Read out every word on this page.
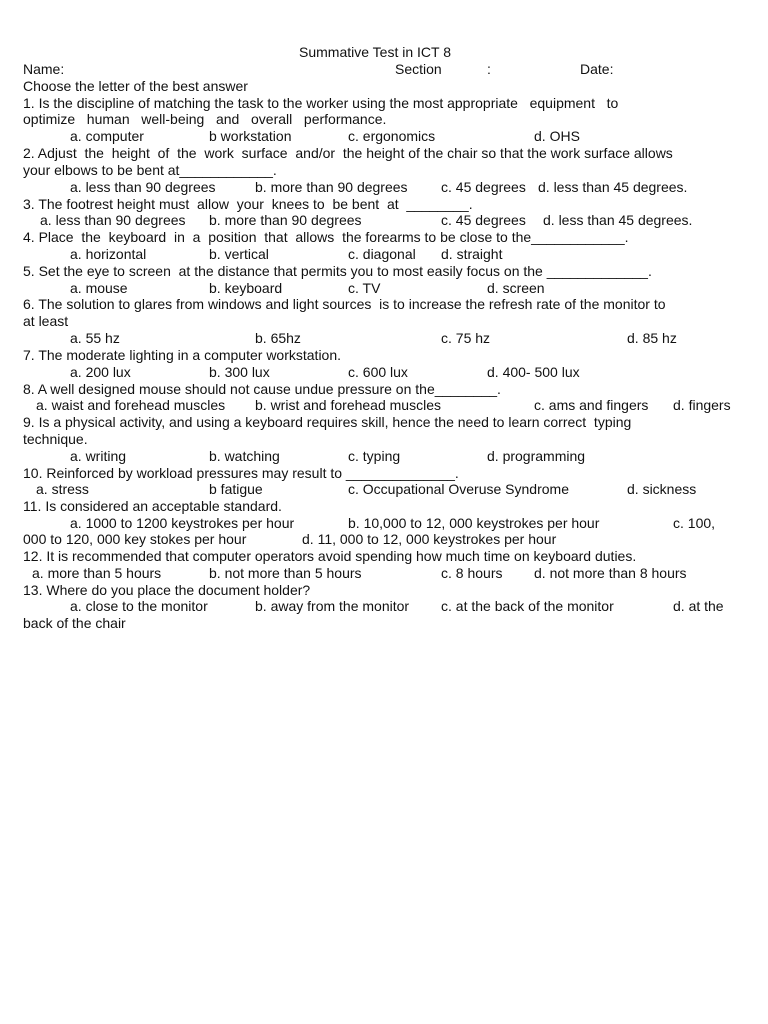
Summative Test in ICT 8
Name:	Section	:	Date:
Choose the letter of the best answer
1. Is the discipline of matching the task to the worker using the most appropriate   equipment   to
optimize   human   well-being   and   overall   performance.
a. computer	b workstation	c. ergonomics	d. OHS
2. Adjust  the  height  of  the  work  surface  and/or  the height of the chair so that the work surface allows
your elbows to be bent at____________.
a. less than 90 degrees	b. more than 90 degrees c. 45 degrees d. less than 45 degrees.
3. The footrest height must  allow  your  knees to  be bent  at  ________.
a. less than 90 degrees b. more than 90 degrees	c. 45 degrees d. less than 45 degrees.
4. Place  the  keyboard  in  a  position  that  allows  the forearms to be close to the____________.
a. horizontal	b. vertical	c. diagonal d. straight
5. Set the eye to screen  at the distance that permits you to most easily focus on the _____________.
a. mouse	b. keyboard	c. TV	d. screen
6. The solution to glares from windows and light sources  is to increase the refresh rate of the monitor to
at least
a. 55 hz	b. 65hz	c. 75 hz	d. 85 hz
7. The moderate lighting in a computer workstation.
a. 200 lux	b. 300 lux	c. 600 lux	d. 400- 500 lux
8. A well designed mouse should not cause undue pressure on the________.
a. waist and forehead muscles b. wrist and forehead muscles	c. ams and fingers d. fingers
9. Is a physical activity, and using a keyboard requires skill, hence the need to learn correct  typing
technique.
a. writing	b. watching	c. typing	d. programming
10. Reinforced by workload pressures may result to ______________.
a. stress	b fatigue	c. Occupational Overuse Syndrome	d. sickness
11. Is considered an acceptable standard.
a. 1000 to 1200 keystrokes per hour	b. 10,000 to 12, 000 keystrokes per hour	c. 100,
000 to 120, 000 key stokes per hour	d. 11, 000 to 12, 000 keystrokes per hour
12. It is recommended that computer operators avoid spending how much time on keyboard duties.
a. more than 5 hours	b. not more than 5 hours	c. 8 hours d. not more than 8 hours
13. Where do you place the document holder?
a. close to the monitor	b. away from the monitor c. at the back of the monitor	d. at the
back of the chair
